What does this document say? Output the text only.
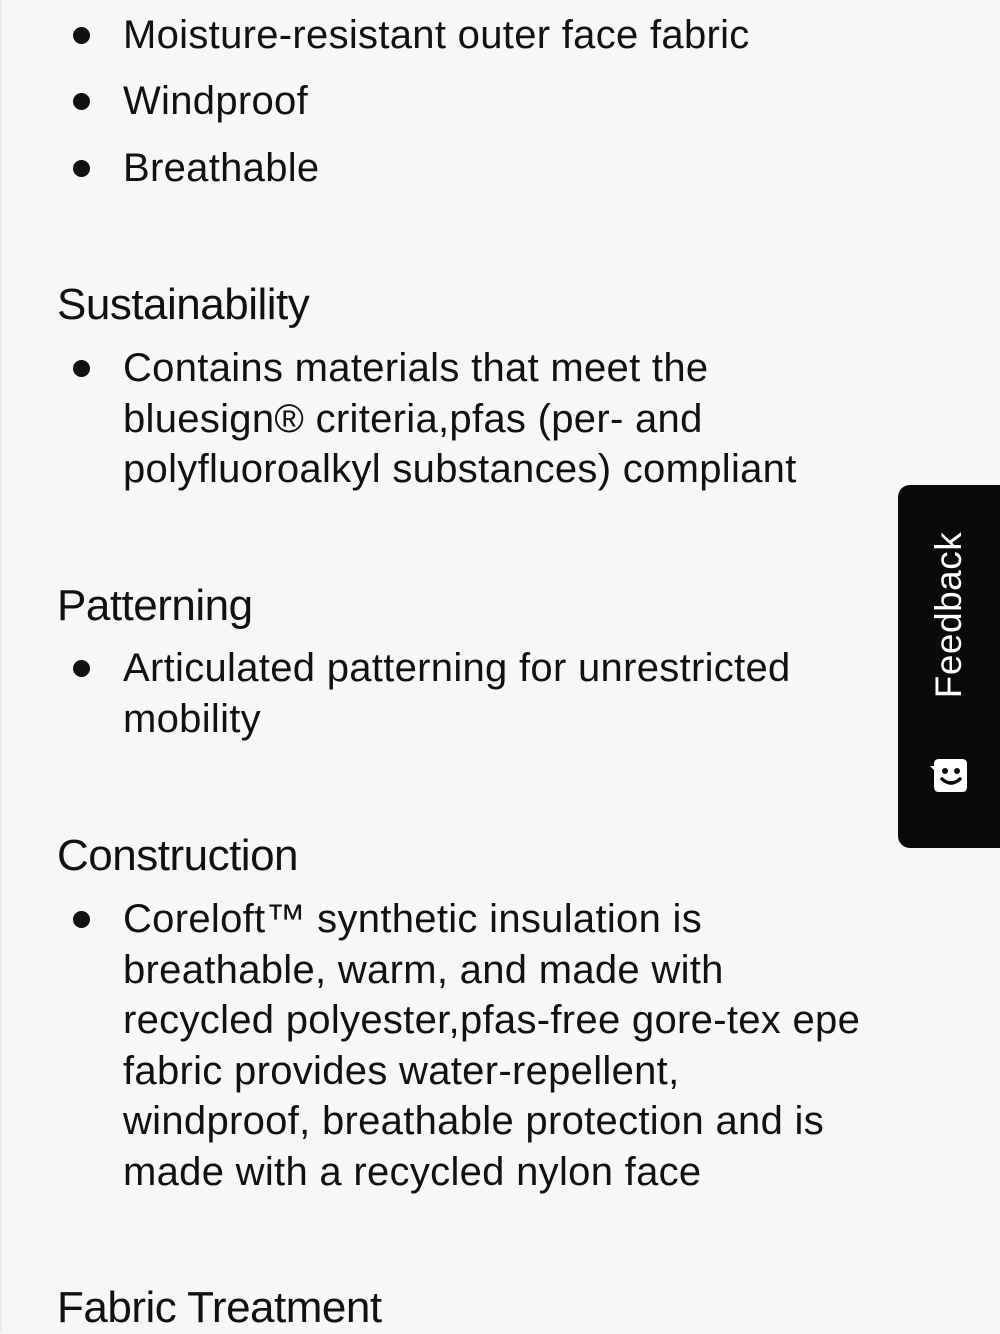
Moisture-resistant outer face fabric
Windproof
Breathable
Sustainability
Contains materials that meet the
bluesign® criteria,pfas (per- and
polyfluoroalkyl substances) compliant
Patterning
Articulated patterning for unrestricted
mobility
Construction
Coreloft™ synthetic insulation is
breathable, warm, and made with
recycled polyester,pfas-free gore-tex epe
fabric provides water-repellent,
windproof, breathable protection and is
made with a recycled nylon face
Fabric Treatment
Feedback
